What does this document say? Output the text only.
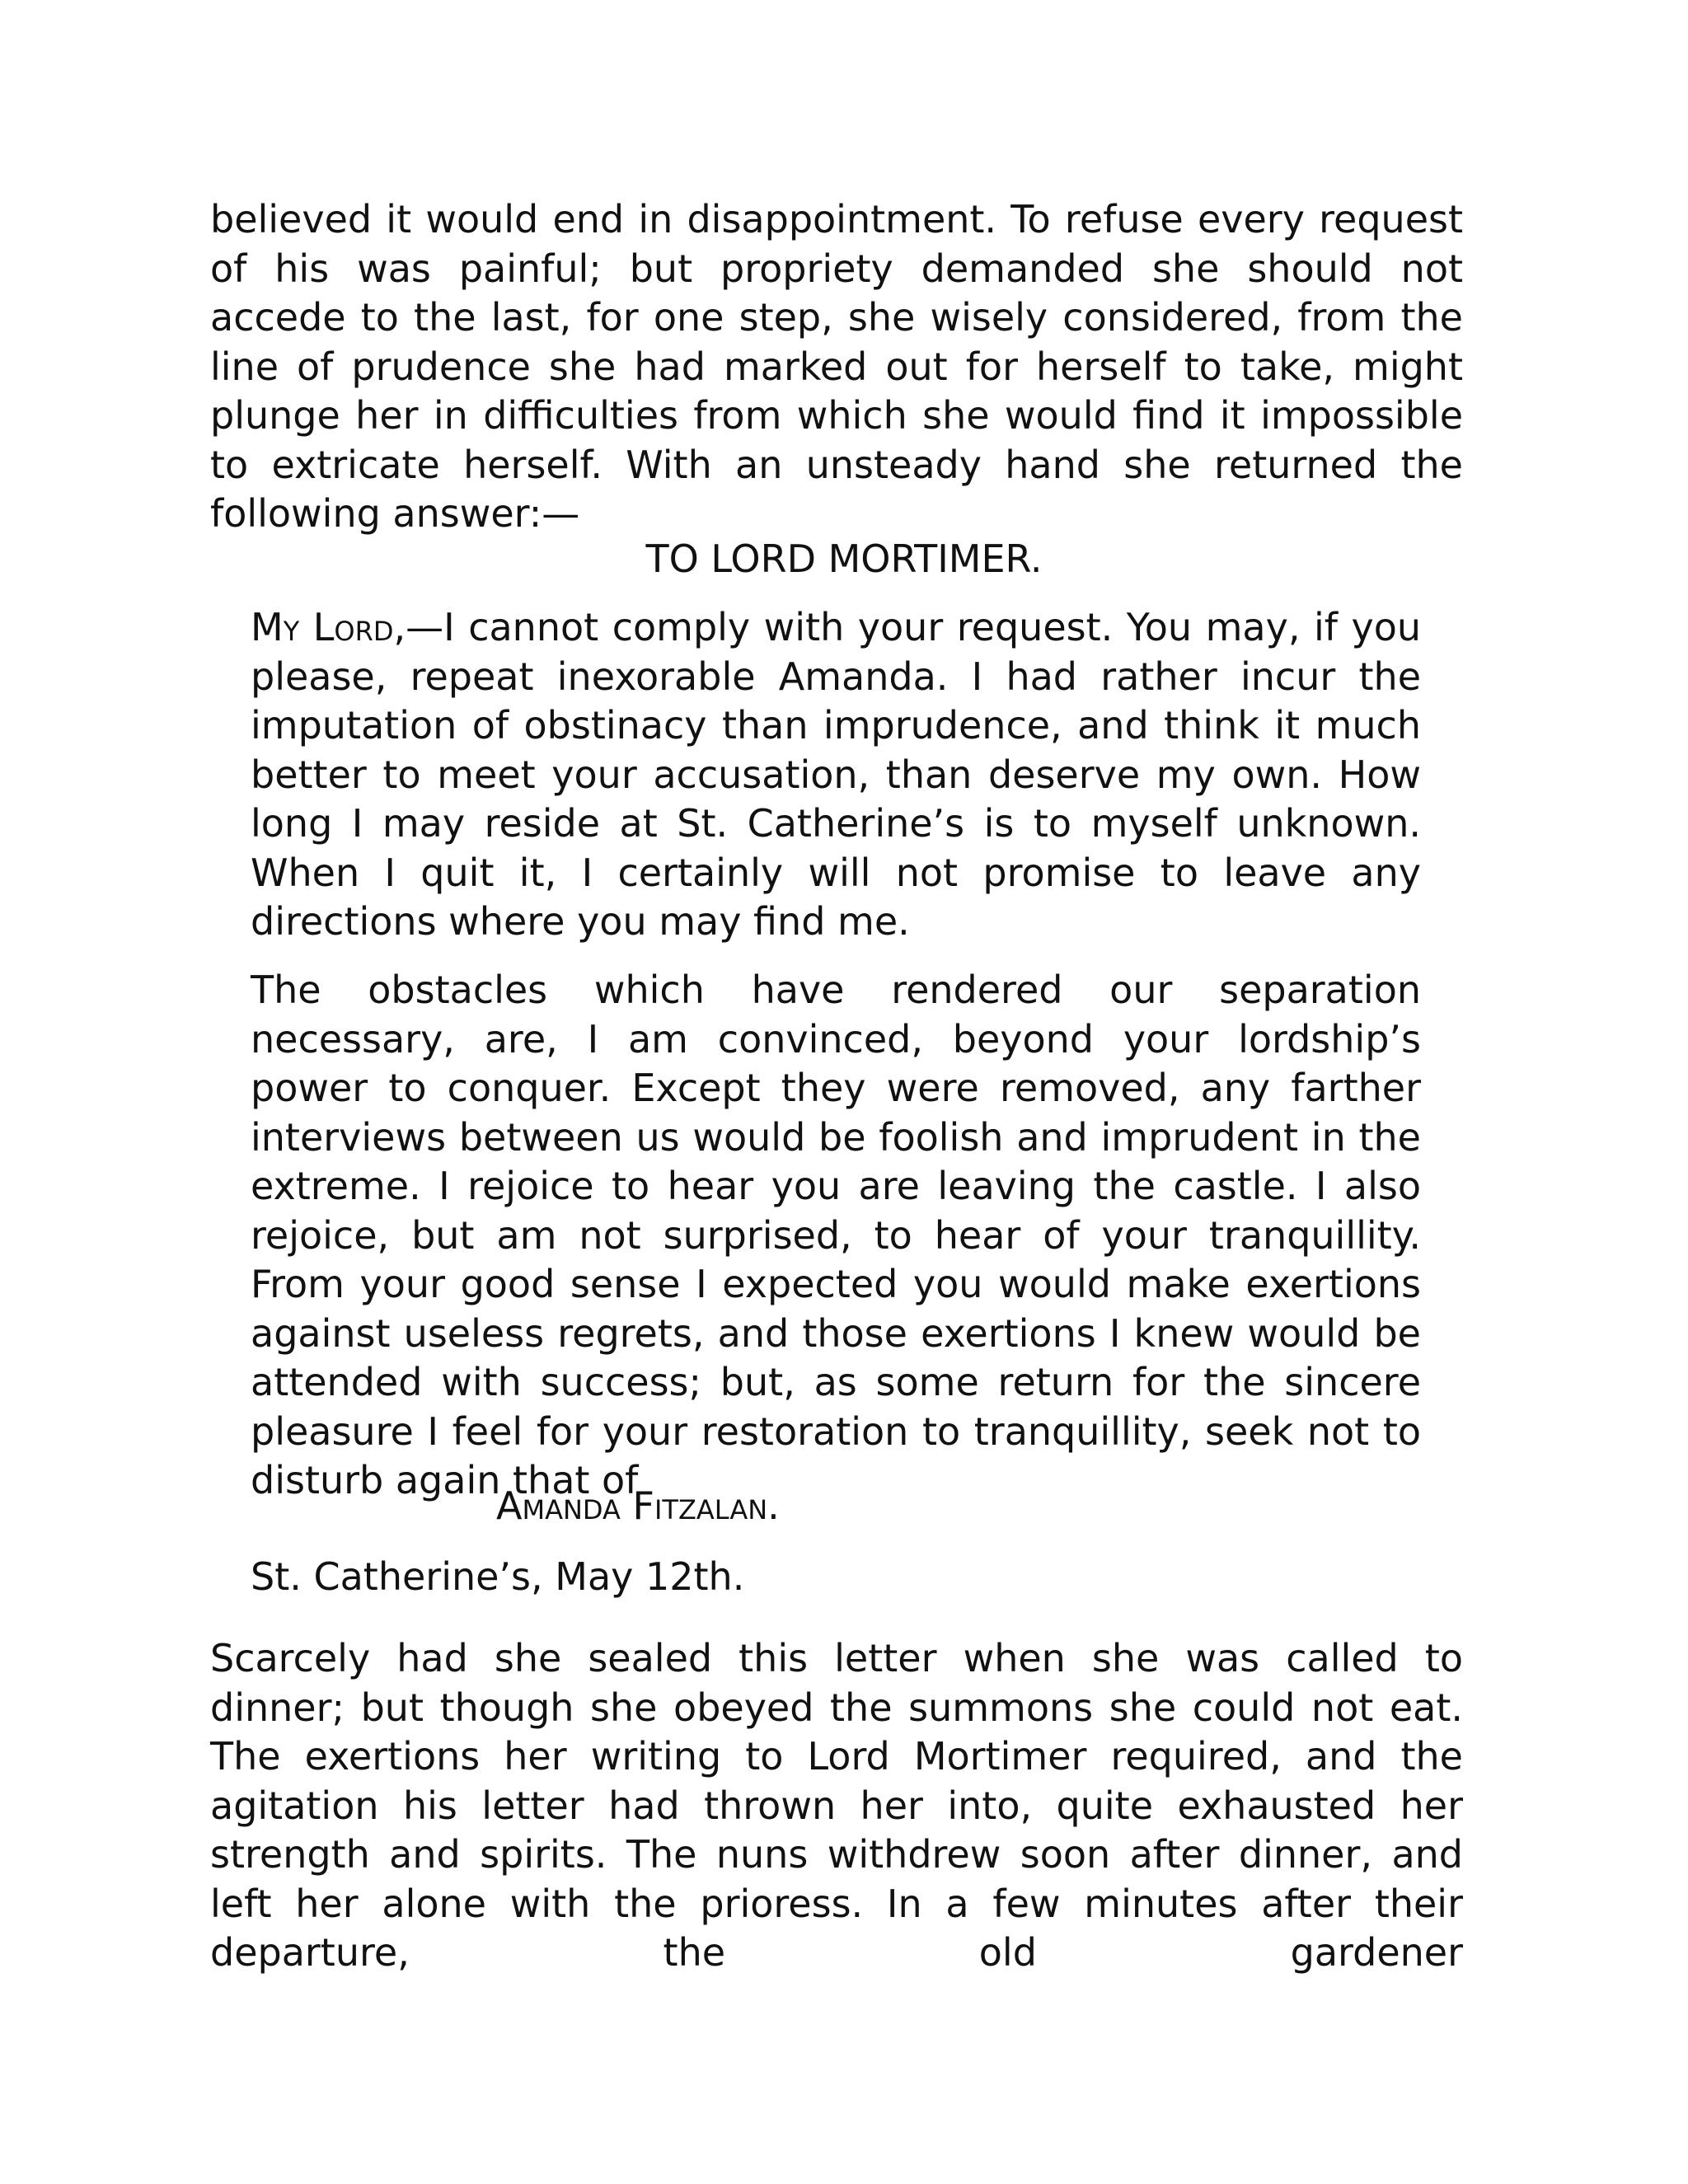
believed it would end in disappointment. To refuse every request of his was painful; but propriety demanded she should not accede to the last, for one step, she wisely considered, from the line of prudence she had marked out for herself to take, might plunge her in difficulties from which she would find it impossible to extricate herself. With an unsteady hand she returned the following answer:—

TO LORD MORTIMER.

My Lord,—I cannot comply with your request. You may, if you please, repeat inexorable Amanda. I had rather incur the imputation of obstinacy than imprudence, and think it much better to meet your accusation, than deserve my own. How long I may reside at St. Catherine’s is to myself unknown. When I quit it, I certainly will not promise to leave any directions where you may find me.

The obstacles which have rendered our separation necessary, are, I am convinced, beyond your lordship’s power to conquer. Except they were removed, any farther interviews between us would be foolish and imprudent in the extreme. I rejoice to hear you are leaving the castle. I also rejoice, but am not surprised, to hear of your tranquillity. From your good sense I expected you would make exertions against useless regrets, and those exertions I knew would be attended with success; but, as some return for the sincere pleasure I feel for your restoration to tranquillity, seek not to disturb again that of

Amanda Fitzalan.

St. Catherine’s, May 12th.

Scarcely had she sealed this letter when she was called to dinner; but though she obeyed the summons she could not eat. The exertions her writing to Lord Mortimer required, and the agitation his letter had thrown her into, quite exhausted her strength and spirits. The nuns withdrew soon after dinner, and left her alone with the prioress. In a few minutes after their departure, the old gardener
